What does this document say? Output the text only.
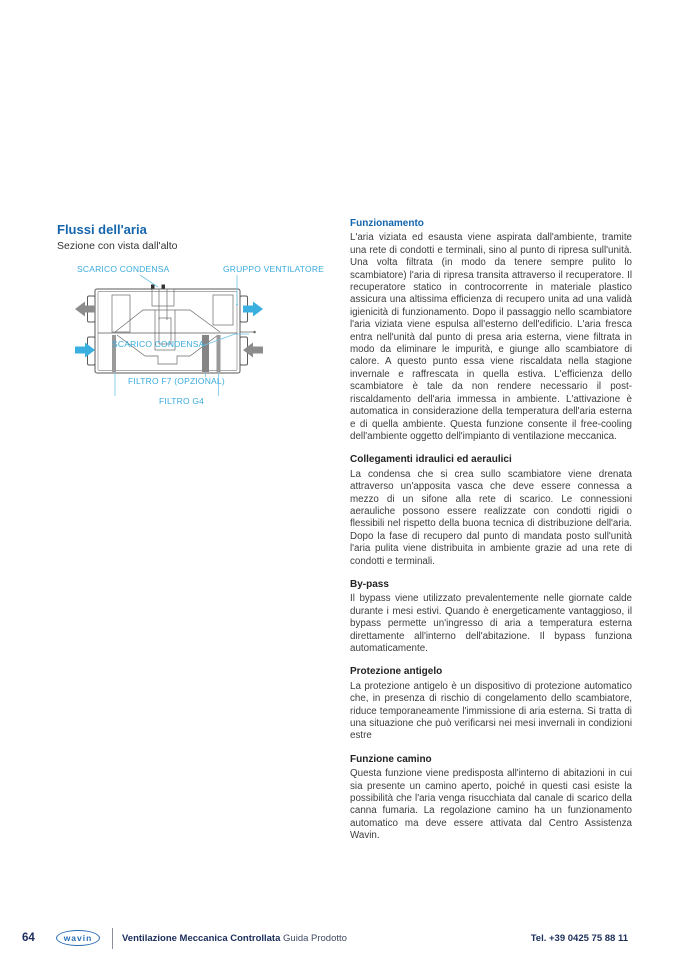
Flussi dell'aria
Sezione con vista dall'alto
SCARICO CONDENSA	GRUPPO VENTILATORE
SCARICO CONDENSA
FILTRO F7 (OPZIONAL)
FILTRO G4
Funzionamento

L'aria viziata ed esausta viene aspirata dall'ambiente, tramite una rete di condotti e terminali, sino al punto di ripresa sull'unità. Una volta filtrata (in modo da tenere sempre pulito lo scambiatore) l'aria di ripresa transita attraverso il recuperatore. Il recuperatore statico in controcorrente in materiale plastico assicura una altissima efficienza di recupero unita ad una validà igienicità di funzionamento. Dopo il passaggio nello scambiatore l'aria viziata viene espulsa all'esterno dell'edificio. L'aria fresca entra nell'unità dal punto di presa aria esterna, viene filtrata in modo da eliminare le impurità, e giunge allo scambiatore di calore. A questo punto essa viene riscaldata nella stagione invernale e raffrescata in quella estiva. L'efficienza dello scambiatore è tale da non rendere necessario il post-riscaldamento dell'aria immessa in ambiente. L'attivazione è automatica in considerazione della temperatura dell'aria esterna e di quella ambiente. Questa funzione consente il free-cooling dell'ambiente oggetto dell'impianto di ventilazione meccanica.

Collegamenti idraulici ed aeraulici

La condensa che si crea sullo scambiatore viene drenata attraverso un'apposita vasca che deve essere connessa a mezzo di un sifone alla rete di scarico. Le connessioni aerauliche possono essere realizzate con condotti rigidi o flessibili nel rispetto della buona tecnica di distribuzione dell'aria. Dopo la fase di recupero dal punto di mandata posto sull'unità l'aria pulita viene distribuita in ambiente grazie ad una rete di condotti e terminali.

By-pass

Il bypass viene utilizzato prevalentemente nelle giornate calde durante i mesi estivi. Quando è energeticamente vantaggioso, il bypass permette un'ingresso di aria a temperatura esterna direttamente all'interno dell'abitazione. Il bypass funziona automaticamente.

Protezione antigelo

La protezione antigelo è un dispositivo di protezione automatico che, in presenza di rischio di congelamento dello scambiatore, riduce temporaneamente l'immissione di aria esterna. Si tratta di una situazione che può verificarsi nei mesi invernali in condizioni estre

Funzione camino

Questa funzione viene predisposta all'interno di abitazioni in cui sia presente un camino aperto, poiché in questi casi esiste la possibilità che l'aria venga risucchiata dal canale di scarico della canna fumaria. La regolazione camino ha un funzionamento automatico ma deve essere attivata dal Centro Assistenza Wavin.

64	wavin	Ventilazione Meccanica Controllata Guida Prodotto	Tel. +39 0425 75 88 11
